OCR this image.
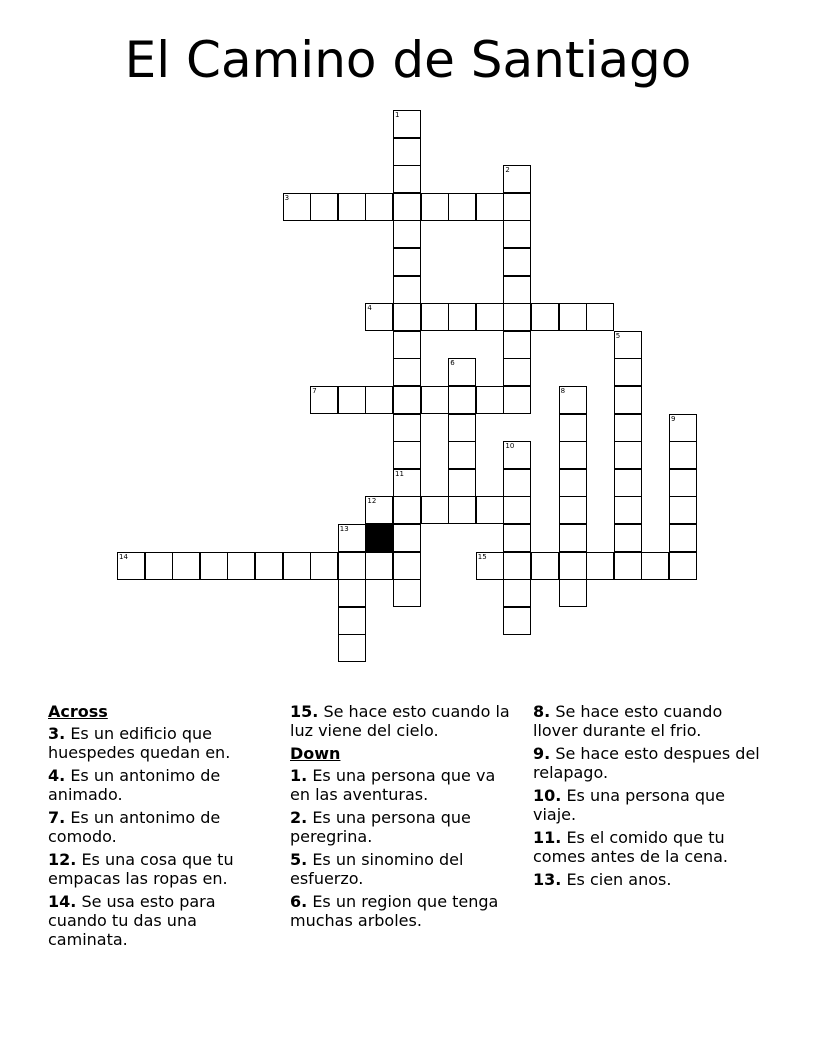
El Camino de Santiago
1
11
2
3
4
5
6
7	8
9
10
12
13
14	15
Across
3. Es un edificio que huespedes quedan en.
4. Es un antonimo de animado.
7. Es un antonimo de comodo.
12. Es una cosa que tu empacas las ropas en.
14. Se usa esto para cuando tu das una caminata.
15. Se hace esto cuando la luz viene del cielo.
Down
1. Es una persona que va en las aventuras.
2. Es una persona que peregrina.
5. Es un sinomino del esfuerzo.
6. Es un region que tenga muchas arboles.
8. Se hace esto cuando llover durante el frio.
9. Se hace esto despues del relapago.
10. Es una persona que viaje.
11. Es el comido que tu comes antes de la cena.
13. Es cien anos.
